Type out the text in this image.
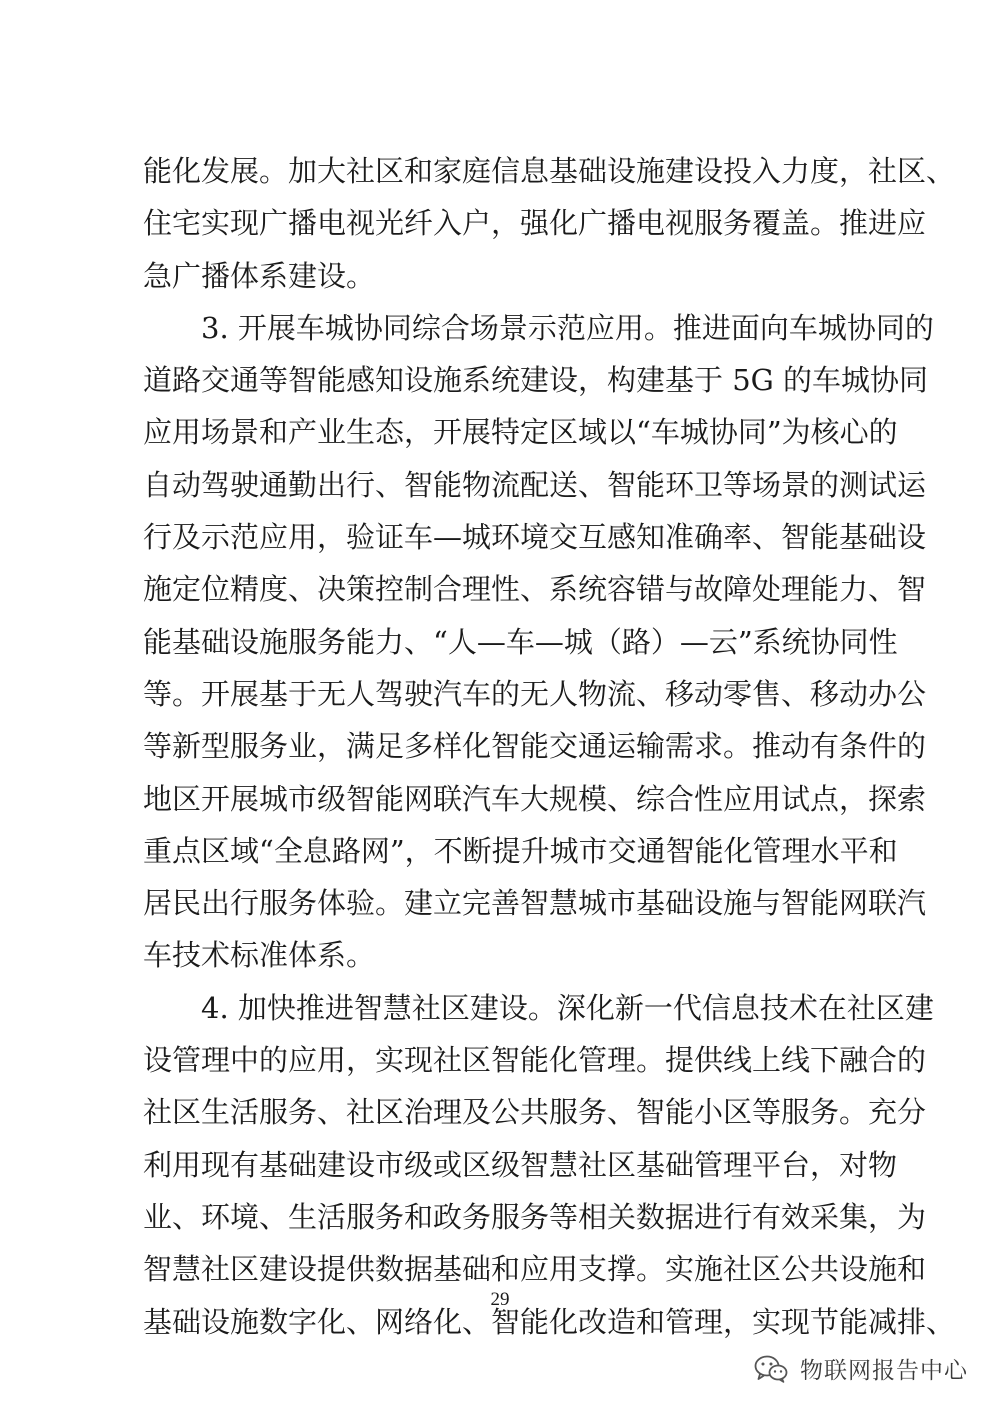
能化发展。加大社区和家庭信息基础设施建设投入力度，社区、
住宅实现广播电视光纤入户，强化广播电视服务覆盖。推进应
急广播体系建设。
3. 开展车城协同综合场景示范应用。推进面向车城协同的
道路交通等智能感知设施系统建设，构建基于 5G 的车城协同
应用场景和产业生态，开展特定区域以“车城协同”为核心的
自动驾驶通勤出行、智能物流配送、智能环卫等场景的测试运
行及示范应用，验证车—城环境交互感知准确率、智能基础设
施定位精度、决策控制合理性、系统容错与故障处理能力、智
能基础设施服务能力、“人—车—城（路）—云”系统协同性
等。开展基于无人驾驶汽车的无人物流、移动零售、移动办公
等新型服务业，满足多样化智能交通运输需求。推动有条件的
地区开展城市级智能网联汽车大规模、综合性应用试点，探索
重点区域“全息路网”，不断提升城市交通智能化管理水平和
居民出行服务体验。建立完善智慧城市基础设施与智能网联汽
车技术标准体系。
4. 加快推进智慧社区建设。深化新一代信息技术在社区建
设管理中的应用，实现社区智能化管理。提供线上线下融合的
社区生活服务、社区治理及公共服务、智能小区等服务。充分
利用现有基础建设市级或区级智慧社区基础管理平台，对物
业、环境、生活服务和政务服务等相关数据进行有效采集，为
智慧社区建设提供数据基础和应用支撑。实施社区公共设施和
基础设施数字化、网络化、智能化改造和管理，实现节能减排、
29
物联网报告中心
